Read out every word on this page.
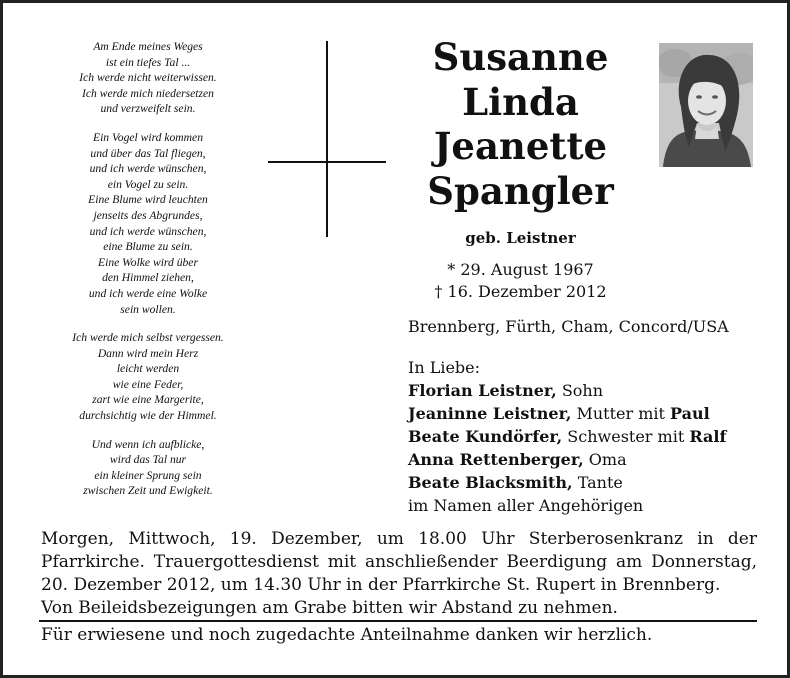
Am Ende meines Weges
ist ein tiefes Tal ...
Ich werde nicht weiterwissen.
Ich werde mich niedersetzen
und verzweifelt sein.
Ein Vogel wird kommen
und über das Tal fliegen,
und ich werde wünschen,
ein Vogel zu sein.
Eine Blume wird leuchten
jenseits des Abgrundes,
und ich werde wünschen,
eine Blume zu sein.
Eine Wolke wird über
den Himmel ziehen,
und ich werde eine Wolke
sein wollen.
Ich werde mich selbst vergessen.
Dann wird mein Herz
leicht werden
wie eine Feder,
zart wie eine Margerite,
durchsichtig wie der Himmel.
Und wenn ich aufblicke,
wird das Tal nur
ein kleiner Sprung sein
zwischen Zeit und Ewigkeit.
Susanne
Linda
Jeanette
Spangler
geb. Leistner
* 29. August 1967
† 16. Dezember 2012
Brennberg, Fürth, Cham, Concord/USA
In Liebe:
Florian Leistner, Sohn
Jeaninne Leistner, Mutter mit Paul
Beate Kundörfer, Schwester mit Ralf
Anna Rettenberger, Oma
Beate Blacksmith, Tante
im Namen aller Angehörigen

Morgen, Mittwoch, 19. Dezember, um 18.00 Uhr Sterberosenkranz in der Pfarrkirche. Trauergottesdienst mit anschließender Beerdigung am Donnerstag, 20. Dezember 2012, um 14.30 Uhr in der Pfarrkirche St. Rupert in Brennberg.

Von Beileidsbezeigungen am Grabe bitten wir Abstand zu nehmen.

Für erwiesene und noch zugedachte Anteilnahme danken wir herzlich.
